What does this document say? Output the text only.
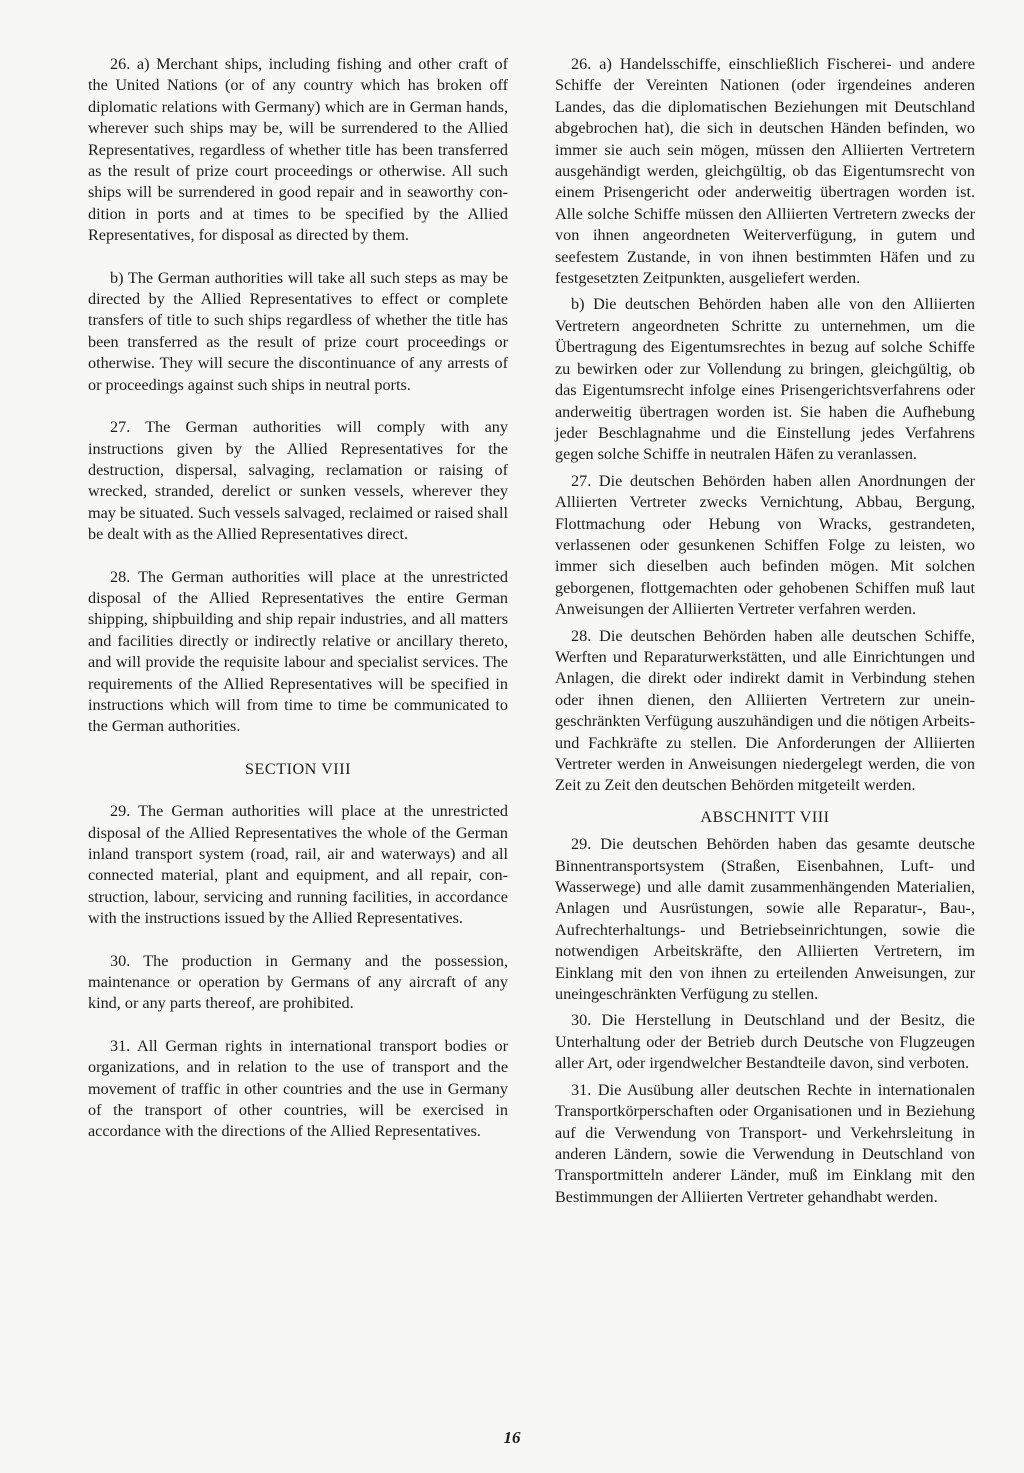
26. a) Merchant ships, including fishing and other craft of the United Nations (or of any country which has broken off diplomatic relations with Germany) which are in German hands, wherever such ships may be, will be surrendered to the Allied Representatives, regardless of whether title has been transferred as the result of prize court proceedings or otherwise. All such ships will be surrendered in good repair and in seaworthy condition in ports and at times to be specified by the Allied Representatives, for disposal as directed by them.

b) The German authorities will take all such steps as may be directed by the Allied Representatives to effect or complete transfers of title to such ships regardless of whether the title has been transferred as the result of prize court proceedings or otherwise. They will secure the discontinuance of any arrests of or proceedings against such ships in neutral ports.

27. The German authorities will comply with any instructions given by the Allied Representatives for the destruction, dispersal, salvaging, reclamation or raising of wrecked, stranded, derelict or sunken vessels, wherever they may be situated. Such vessels salvaged, reclaimed or raised shall be dealt with as the Allied Representatives direct.

28. The German authorities will place at the unrestricted disposal of the Allied Representatives the entire German shipping, shipbuilding and ship repair industries, and all matters and facilities directly or indirectly relative or ancillary thereto, and will provide the requisite labour and specialist services. The requirements of the Allied Representatives will be specified in instructions which will from time to time be communicated to the German authorities.

SECTION VIII

29. The German authorities will place at the unrestricted disposal of the Allied Representatives the whole of the German inland transport system (road, rail, air and waterways) and all connected material, plant and equipment, and all repair, construction, labour, servicing and running facilities, in accordance with the instructions issued by the Allied Representatives.

30. The production in Germany and the possession, maintenance or operation by Germans of any aircraft of any kind, or any parts thereof, are prohibited.

31. All German rights in international transport bodies or organizations, and in relation to the use of transport and the movement of traffic in other countries and the use in Germany of the transport of other countries, will be exercised in accordance with the directions of the Allied Representatives.

26. a) Handelsschiffe, einschließlich Fischerei- und andere Schiffe der Vereinten Nationen (oder irgendeines anderen Landes, das die diplomatischen Beziehungen mit Deutschland abgebrochen hat), die sich in deutschen Händen befinden, wo immer sie auch sein mögen, müssen den Alliierten Vertretern ausgehändigt werden, gleichgültig, ob das Eigentumsrecht von einem Prisengericht oder anderweitig übertragen worden ist. Alle solche Schiffe müssen den Alliierten Vertretern zwecks der von ihnen angeordneten Weiterverfügung, in gutem und seefestem Zustande, in von ihnen bestimmten Häfen und zu festgesetzten Zeitpunkten, ausgeliefert werden.

b) Die deutschen Behörden haben alle von den Alliierten Vertretern angeordneten Schritte zu unternehmen, um die Übertragung des Eigentumsrechtes in bezug auf solche Schiffe zu bewirken oder zur Vollendung zu bringen, gleichgültig, ob das Eigentumsrecht infolge eines Prisengerichtsverfahrens oder anderweitig übertragen worden ist. Sie haben die Aufhebung jeder Beschlagnahme und die Einstellung jedes Verfahrens gegen solche Schiffe in neutralen Häfen zu veranlassen.

27. Die deutschen Behörden haben allen Anordnungen der Alliierten Vertreter zwecks Vernichtung, Abbau, Bergung, Flottmachung oder Hebung von Wracks, gestrandeten, verlassenen oder gesunkenen Schiffen Folge zu leisten, wo immer sich dieselben auch befinden mögen. Mit solchen geborgenen, flottgemachten oder gehobenen Schiffen muß laut Anweisungen der Alliierten Vertreter verfahren werden.

28. Die deutschen Behörden haben alle deutschen Schiffe, Werften und Reparaturwerkstätten, und alle Einrichtungen und Anlagen, die direkt oder indirekt damit in Verbindung stehen oder ihnen dienen, den Alliierten Vertretern zur uneingeschränkten Verfügung auszuhändigen und die nötigen Arbeits- und Fachkräfte zu stellen. Die Anforderungen der Alliierten Vertreter werden in Anweisungen niedergelegt werden, die von Zeit zu Zeit den deutschen Behörden mitgeteilt werden.

ABSCHNITT VIII

29. Die deutschen Behörden haben das gesamte deutsche Binnentransportsystem (Straßen, Eisenbahnen, Luft- und Wasserwege) und alle damit zusammenhängenden Materialien, Anlagen und Ausrüstungen, sowie alle Reparatur-, Bau-, Aufrechterhaltungs- und Betriebseinrichtungen, sowie die notwendigen Arbeitskräfte, den Alliierten Vertretern, im Einklang mit den von ihnen zu erteilenden Anweisungen, zur uneingeschränkten Verfügung zu stellen.

30. Die Herstellung in Deutschland und der Besitz, die Unterhaltung oder der Betrieb durch Deutsche von Flugzeugen aller Art, oder irgendwelcher Bestandteile davon, sind verboten.

31. Die Ausübung aller deutschen Rechte in internationalen Transportkörperschaften oder Organisationen und in Beziehung auf die Verwendung von Transport- und Verkehrsleitung in anderen Ländern, sowie die Verwendung in Deutschland von Transportmitteln anderer Länder, muß im Einklang mit den Bestimmungen der Alliierten Vertreter gehandhabt werden.

16
